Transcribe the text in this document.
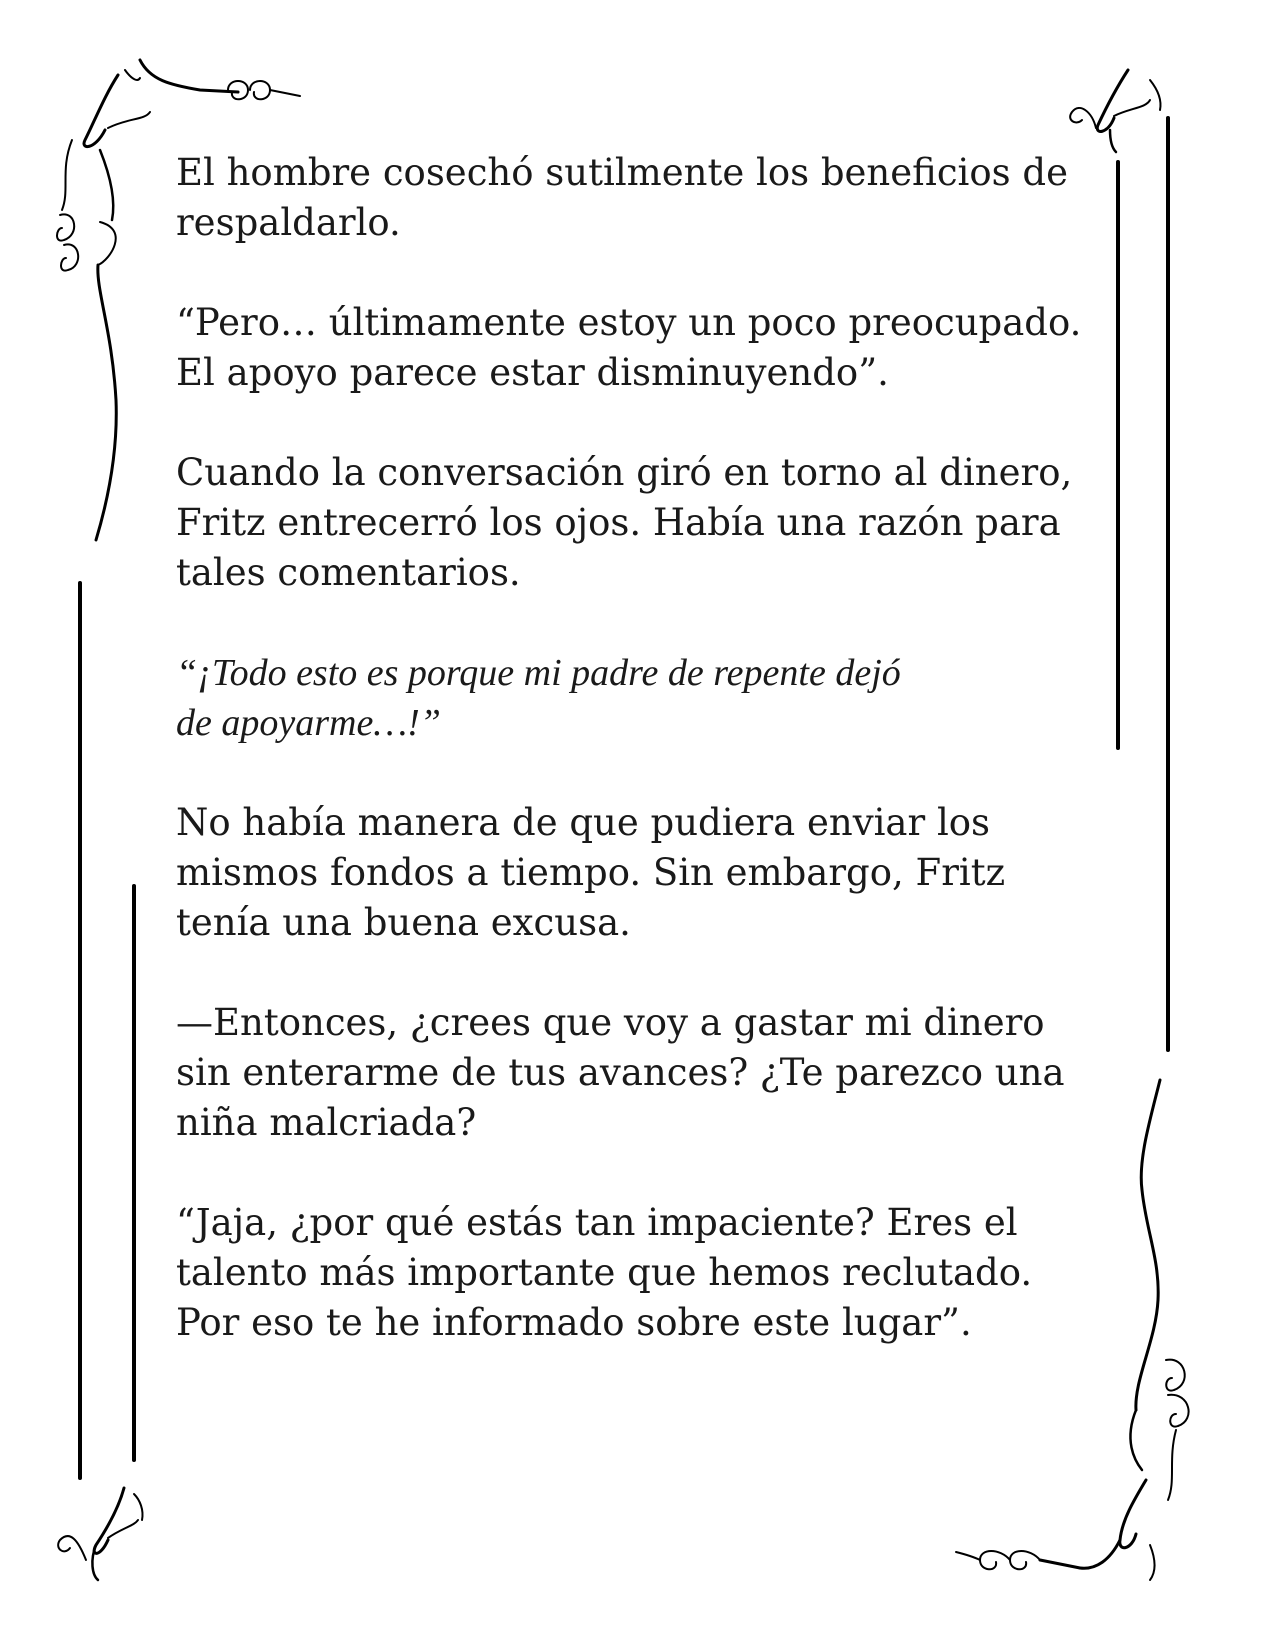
El hombre cosechó sutilmente los beneficios de
respaldarlo.

“Pero… últimamente estoy un poco preocupado.
El apoyo parece estar disminuyendo”.

Cuando la conversación giró en torno al dinero,
Fritz entrecerró los ojos. Había una razón para
tales comentarios.

“¡Todo esto es porque mi padre de repente dejó
de apoyarme…!”

No había manera de que pudiera enviar los
mismos fondos a tiempo. Sin embargo, Fritz
tenía una buena excusa.

—Entonces, ¿crees que voy a gastar mi dinero
sin enterarme de tus avances? ¿Te parezco una
niña malcriada?

“Jaja, ¿por qué estás tan impaciente? Eres el
talento más importante que hemos reclutado.
Por eso te he informado sobre este lugar”.
